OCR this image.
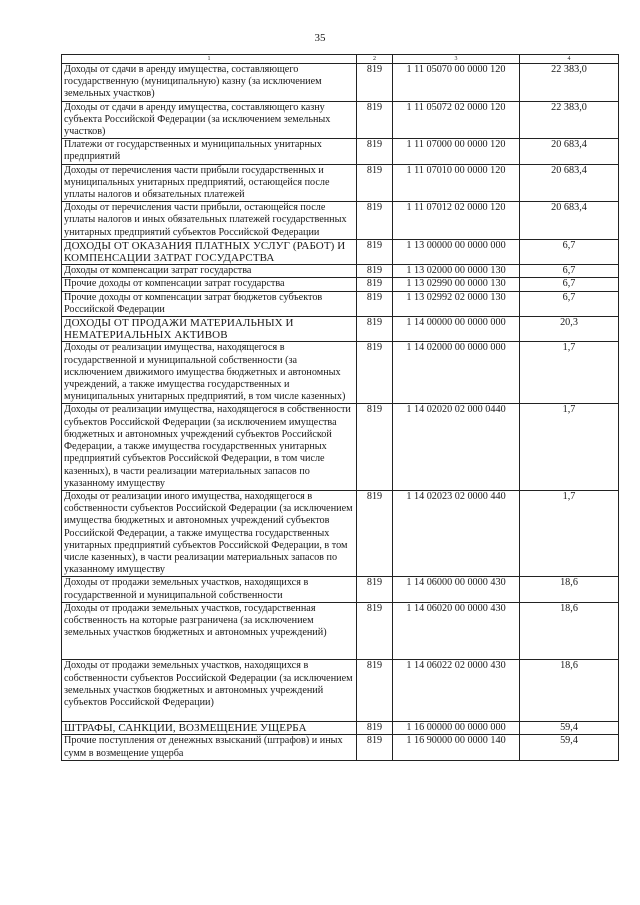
35
1	2	3	4
Доходы от сдачи в аренду имущества, составляющего государственную (муниципальную) казну (за исключением земельных участков)	819	1 11 05070 00 0000 120	22 383,0
Доходы от сдачи в аренду имущества, составляющего казну субъекта Российской Федерации (за исключением земельных участков)	819	1 11 05072 02 0000 120	22 383,0
Платежи от государственных и муниципальных унитарных предприятий	819	1 11 07000 00 0000 120	20 683,4
Доходы от перечисления части прибыли государственных и муниципальных унитарных предприятий, остающейся после уплаты налогов и обязательных платежей	819	1 11 07010 00 0000 120	20 683,4
Доходы от перечисления части прибыли, остающейся после уплаты налогов и иных обязательных платежей государственных унитарных предприятий субъектов Российской Федерации	819	1 11 07012 02 0000 120	20 683,4
ДОХОДЫ ОТ ОКАЗАНИЯ ПЛАТНЫХ УСЛУГ (РАБОТ) И КОМПЕНСАЦИИ ЗАТРАТ ГОСУДАРСТВА	819	1 13 00000 00 0000 000	6,7
Доходы от компенсации затрат государства	819	1 13 02000 00 0000 130	6,7
Прочие доходы от компенсации затрат государства	819	1 13 02990 00 0000 130	6,7
Прочие доходы от компенсации затрат бюджетов субъектов Российской Федерации	819	1 13 02992 02 0000 130	6,7
ДОХОДЫ ОТ ПРОДАЖИ МАТЕРИАЛЬНЫХ И НЕМАТЕРИАЛЬНЫХ АКТИВОВ	819	1 14 00000 00 0000 000	20,3
Доходы от реализации имущества, находящегося в государственной и муниципальной собственности (за исключением движимого имущества бюджетных и автономных учреждений, а также имущества государственных и муниципальных унитарных предприятий, в том числе казенных)	819	1 14 02000 00 0000 000	1,7
Доходы от реализации имущества, находящегося в собственности субъектов Российской Федерации (за исключением имущества бюджетных и автономных учреждений субъектов Российской Федерации, а также имущества государственных унитарных предприятий субъектов Российской Федерации, в том числе казенных), в части реализации материальных запасов по указанному имуществу	819	1 14 02020 02 000 0440	1,7
Доходы от реализации иного имущества, находящегося в собственности субъектов Российской Федерации (за исключением имущества бюджетных и автономных учреждений субъектов Российской Федерации, а также имущества государственных унитарных предприятий субъектов Российской Федерации, в том числе казенных), в части реализации материальных запасов по указанному имуществу	819	1 14 02023 02 0000 440	1,7
Доходы от продажи земельных участков, находящихся в государственной и муниципальной собственности	819	1 14 06000 00 0000 430	18,6
Доходы от продажи земельных участков, государственная собственность на которые разграничена (за исключением земельных участков бюджетных и автономных учреждений)	819	1 14 06020 00 0000 430	18,6
Доходы от продажи земельных участков, находящихся в собственности субъектов Российской Федерации (за исключением земельных участков бюджетных и автономных учреждений субъектов Российской Федерации)	819	1 14 06022 02 0000 430	18,6
ШТРАФЫ, САНКЦИИ, ВОЗМЕЩЕНИЕ УЩЕРБА	819	1 16 00000 00 0000 000	59,4
Прочие поступления от денежных взысканий (штрафов) и иных сумм в возмещение ущерба	819	1 16 90000 00 0000 140	59,4
